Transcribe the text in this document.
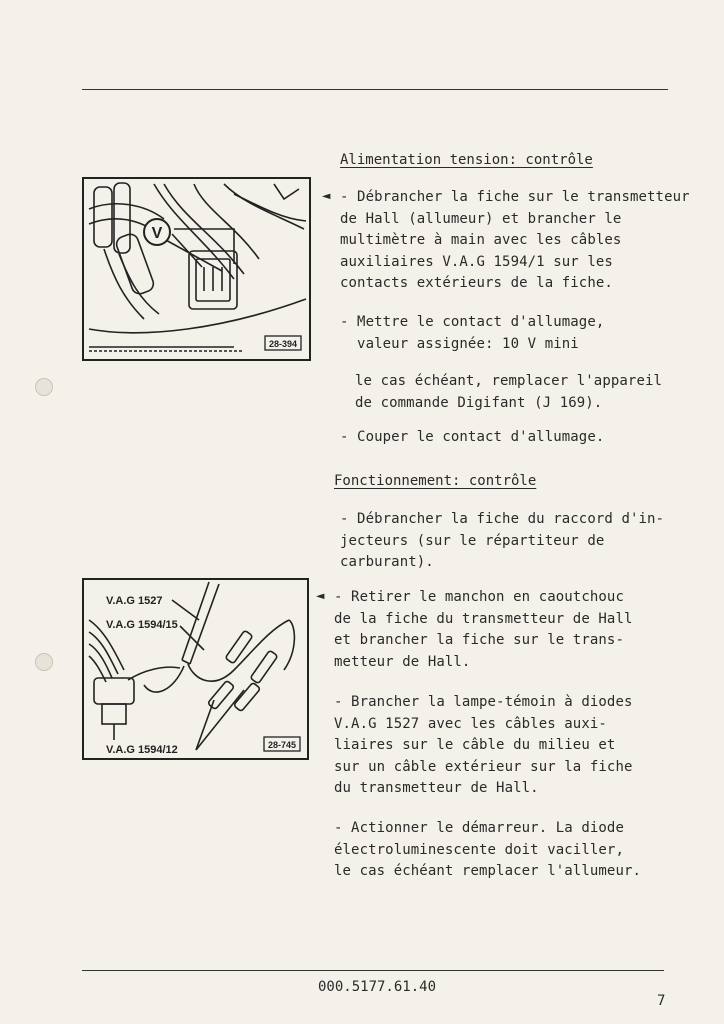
Alimentation tension: contrôle
V
28-394
◄ - Débrancher la fiche sur le transmetteur
de Hall (allumeur) et brancher le
multimètre à main avec les câbles
auxiliaires V.A.G 1594/1 sur les
contacts extérieurs de la fiche.
- Mettre le contact d'allumage,
valeur assignée: 10 V mini
le cas échéant, remplacer l'appareil
de commande Digifant (J 169).
- Couper le contact d'allumage.
Fonctionnement: contrôle
- Débrancher la fiche du raccord d'in-
jecteurs (sur le répartiteur de
carburant).
V.A.G 1527
V.A.G 1594/15
V.A.G 1594/12	28-745
◄ - Retirer le manchon en caoutchouc
de la fiche du transmetteur de Hall
et brancher la fiche sur le trans-
metteur de Hall.
- Brancher la lampe-témoin à diodes
V.A.G 1527 avec les câbles auxi-
liaires sur le câble du milieu et
sur un câble extérieur sur la fiche
du transmetteur de Hall.
- Actionner le démarreur. La diode
électroluminescente doit vaciller,
le cas échéant remplacer l'allumeur.
000.5177.61.40
7
